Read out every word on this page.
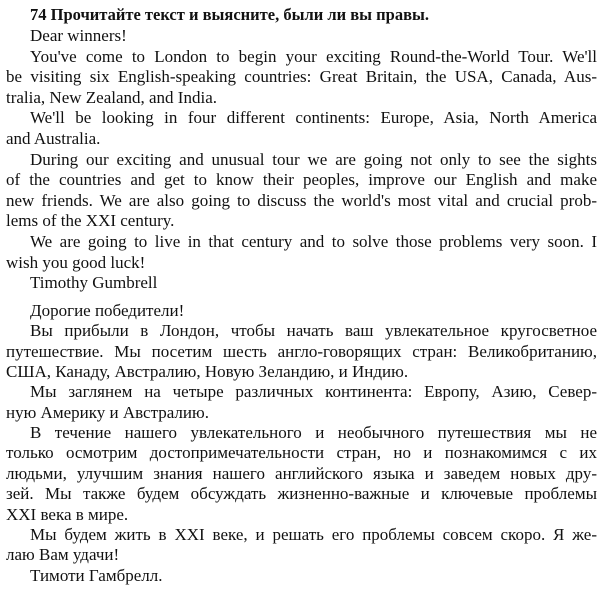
74 Прочитайте текст и выясните, были ли вы правы.
Dear winners!
You've come to London to begin your exciting Round-the-World Tour. We'll
be visiting six English-speaking countries: Great Britain, the USA, Canada, Aus-
tralia, New Zealand, and India.
We'll be looking in four different continents: Europe, Asia, North America
and Australia.
During our exciting and unusual tour we are going not only to see the sights
of the countries and get to know their peoples, improve our English and make
new friends. We are also going to discuss the world's most vital and crucial prob-
lems of the XXI century.
We are going to live in that century and to solve those problems very soon. I
wish you good luck!
Timothy Gumbrell
Дорогие победители!
Вы прибыли в Лондон, чтобы начать ваш увлекательное кругосветное
путешествие. Мы посетим шесть англо-говорящих стран: Великобританию,
США, Канаду, Австралию, Новую Зеландию, и Индию.
Мы заглянем на четыре различных континента: Европу, Азию, Север-
ную Америку и Австралию.
В течение нашего увлекательного и необычного путешествия мы не
только осмотрим достопримечательности стран, но и познакомимся с их
людьми, улучшим знания нашего английского языка и заведем новых дру-
зей. Мы также будем обсуждать жизненно-важные и ключевые проблемы
XXI века в мире.
Мы будем жить в XXI веке, и решать его проблемы совсем скоро. Я же-
лаю Вам удачи!
Тимоти Гамбрелл.
